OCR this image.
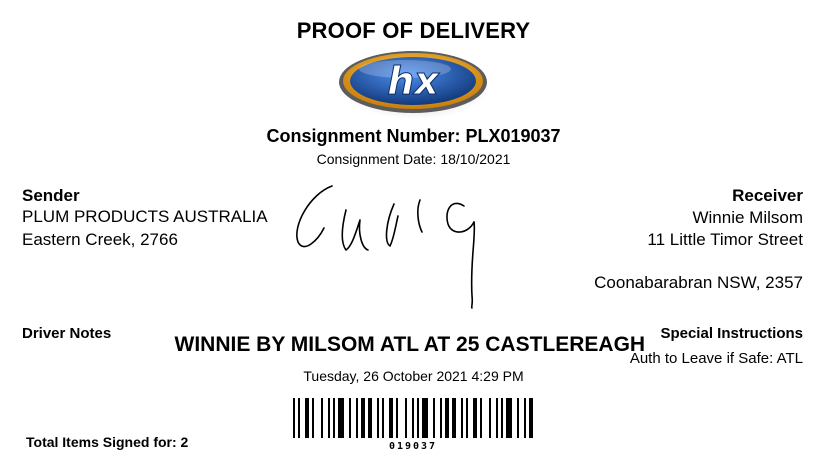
PROOF OF DELIVERY
hx
Consignment Number: PLX019037
Consignment Date: 18/10/2021
Sender
PLUM PRODUCTS AUSTRALIA
Eastern Creek, 2766
Receiver
Winnie Milsom
11 Little Timor Street
Coonabarabran NSW, 2357
Driver Notes	Special Instructions
Auth to Leave if Safe: ATL
WINNIE BY MILSOM ATL AT 25 CASTLEREAGH
Tuesday, 26 October 2021 4:29 PM
Total Items Signed for: 2	019037
